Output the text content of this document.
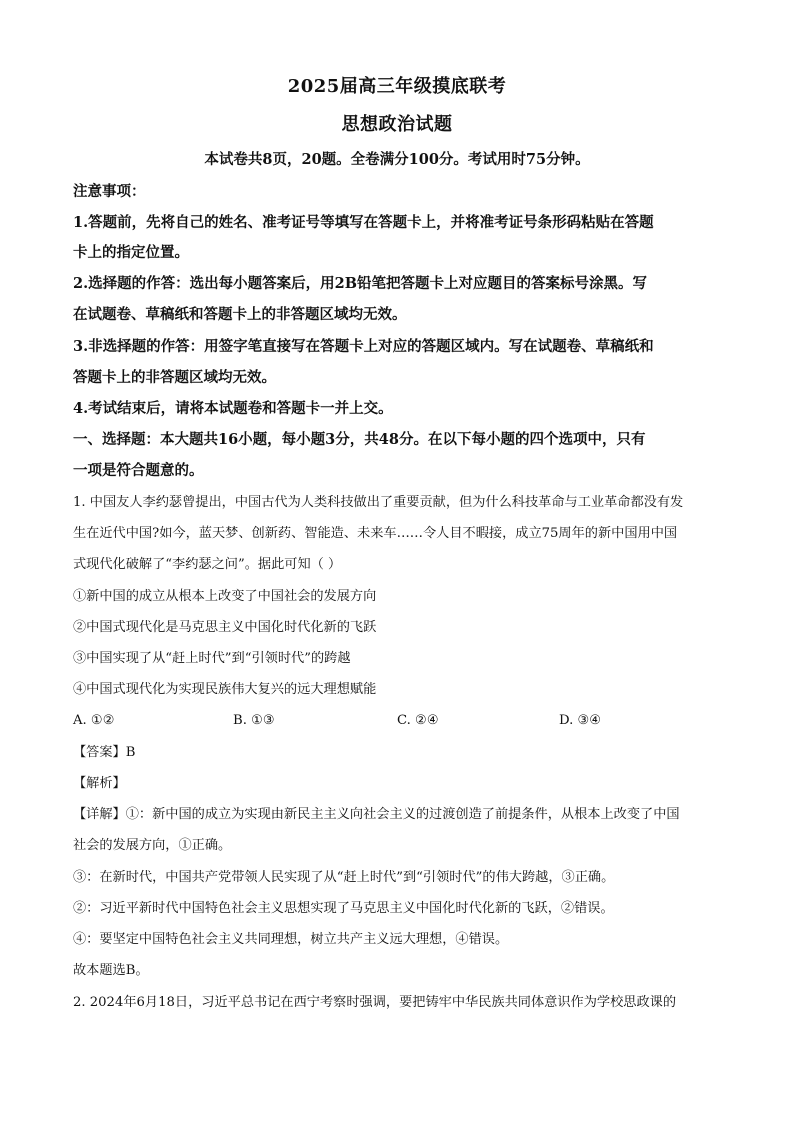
2025届高三年级摸底联考
思想政治试题
本试卷共8页，20题。全卷满分100分。考试用时75分钟。
注意事项：
1.答题前，先将自己的姓名、准考证号等填写在答题卡上，并将准考证号条形码粘贴在答题
卡上的指定位置。
2.选择题的作答：选出每小题答案后，用2B铅笔把答题卡上对应题目的答案标号涂黑。写
在试题卷、草稿纸和答题卡上的非答题区域均无效。
3.非选择题的作答：用签字笔直接写在答题卡上对应的答题区域内。写在试题卷、草稿纸和
答题卡上的非答题区域均无效。
4.考试结束后，请将本试题卷和答题卡一并上交。
一、选择题：本大题共16小题，每小题3分，共48分。在以下每小题的四个选项中，只有
一项是符合题意的。
1. 中国友人李约瑟曾提出，中国古代为人类科技做出了重要贡献，但为什么科技革命与工业革命都没有发
生在近代中国?如今，蓝天梦、创新药、智能造、未来车……令人目不暇接，成立75周年的新中国用中国
式现代化破解了“李约瑟之问”。据此可知（ ）
①新中国的成立从根本上改变了中国社会的发展方向
②中国式现代化是马克思主义中国化时代化新的飞跃
③中国实现了从“赶上时代”到“引领时代”的跨越
④中国式现代化为实现民族伟大复兴的远大理想赋能
A. ①②	B. ①③	C. ②④	D. ③④
【答案】B
【解析】
【详解】①：新中国的成立为实现由新民主主义向社会主义的过渡创造了前提条件，从根本上改变了中国
社会的发展方向，①正确。
③：在新时代，中国共产党带领人民实现了从“赶上时代”到“引领时代”的伟大跨越，③正确。
②：习近平新时代中国特色社会主义思想实现了马克思主义中国化时代化新的飞跃，②错误。
④：要坚定中国特色社会主义共同理想，树立共产主义远大理想，④错误。
故本题选B。
2. 2024年6月18日，习近平总书记在西宁考察时强调，要把铸牢中华民族共同体意识作为学校思政课的
